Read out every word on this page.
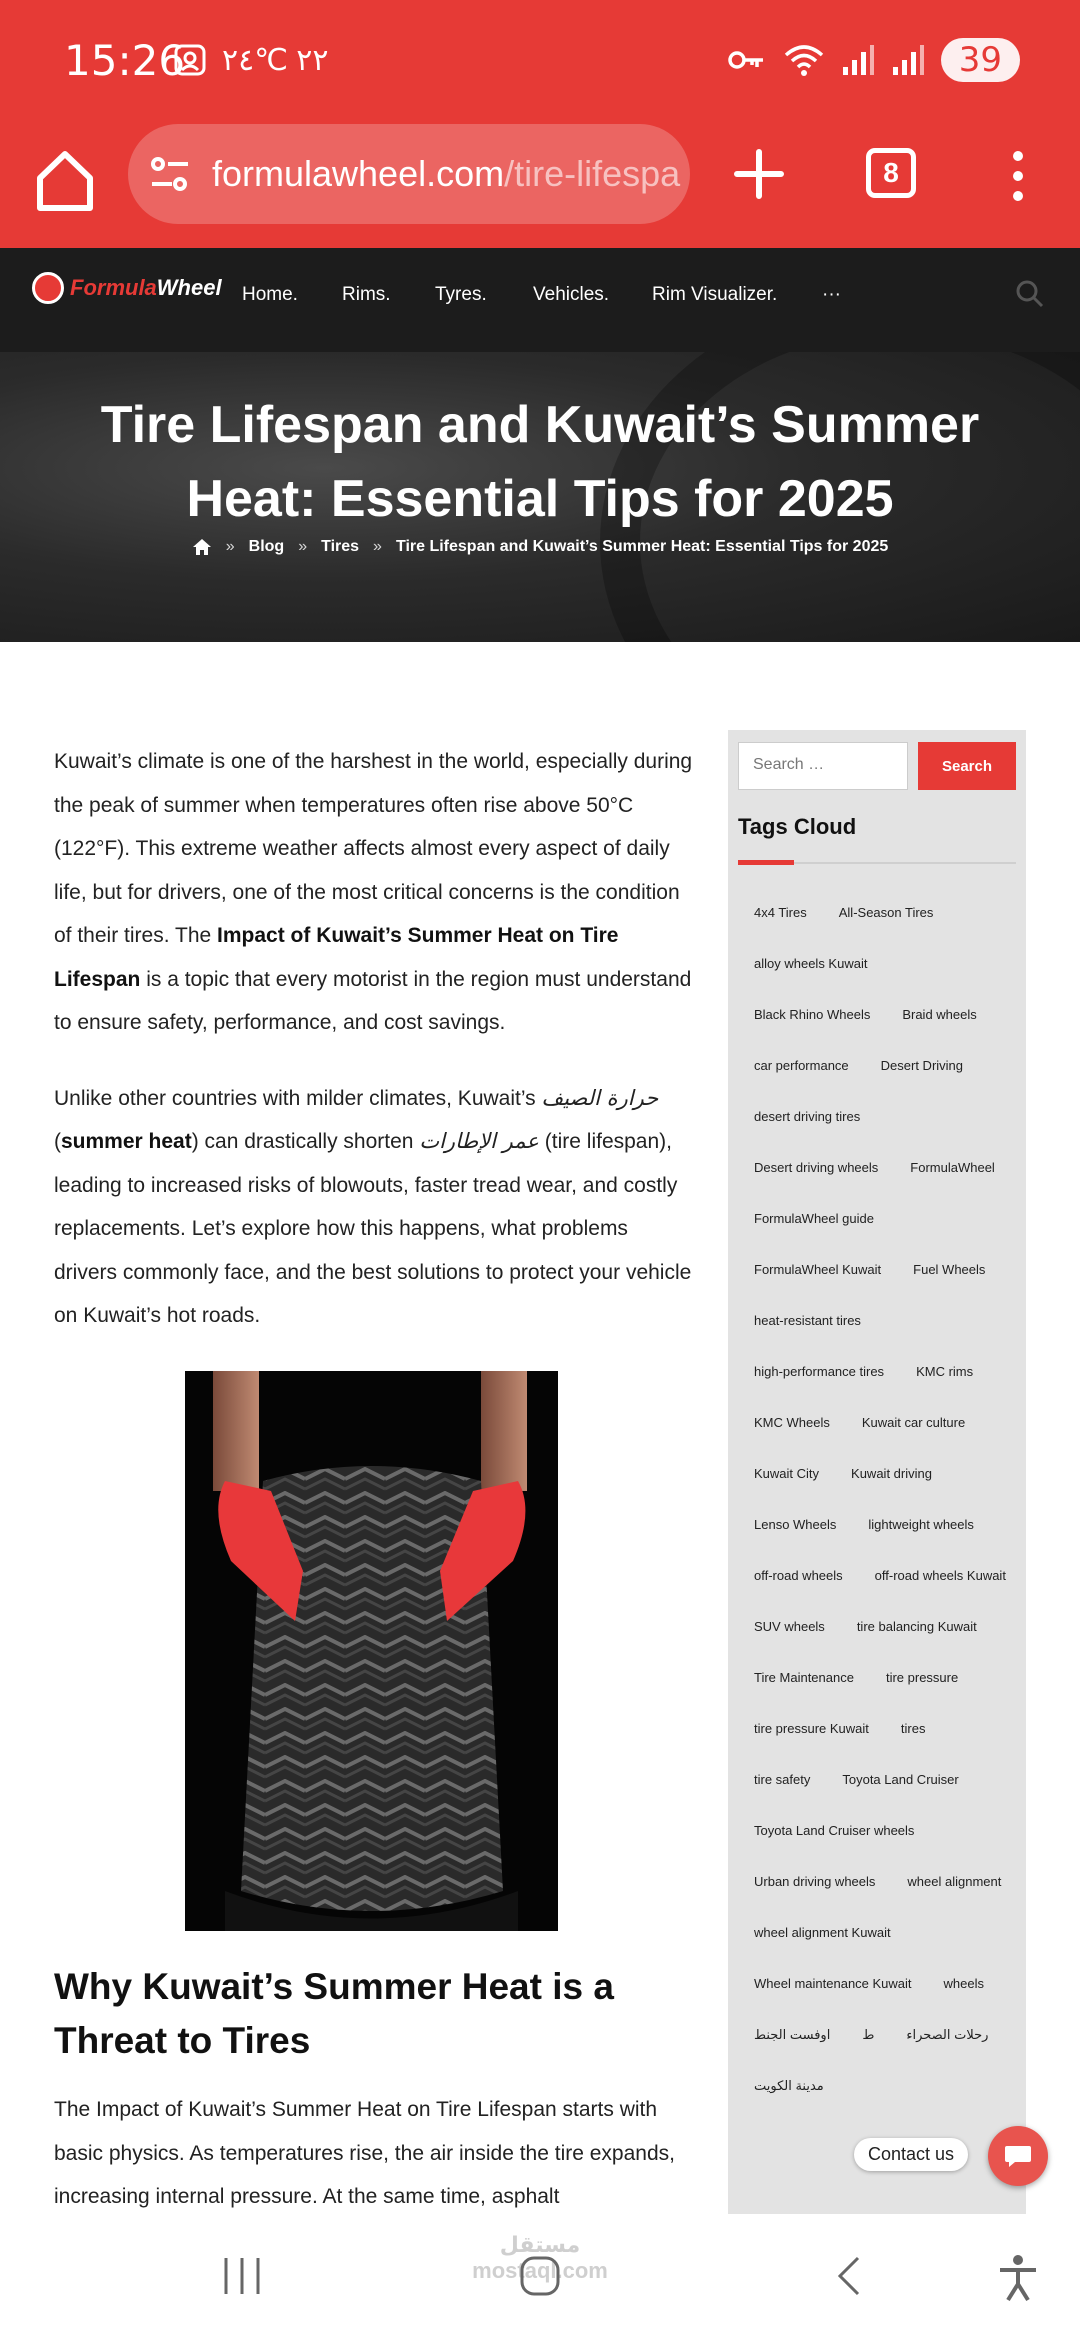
15:26 ٢٢ ℃٢٤	39
formulawheel.com/tire-lifespa	8
FormulaWheel Home. Rims. Tyres. Vehicles. Rim Visualizer. ···
Tire Lifespan and Kuwait’s Summer
Heat: Essential Tips for 2025
» Blog » Tires » Tire Lifespan and Kuwait’s Summer Heat: Essential Tips for 2025

Kuwait’s climate is one of the harshest in the world, especially during the peak of summer when temperatures often rise above 50°C (122°F). This extreme weather affects almost every aspect of daily life, but for drivers, one of the most critical concerns is the condition of their tires. The Impact of Kuwait’s Summer Heat on Tire Lifespan is a topic that every motorist in the region must understand to ensure safety, performance, and cost savings.

Unlike other countries with milder climates, Kuwait’s حرارة الصيف (summer heat) can drastically shorten عمر الإطارات (tire lifespan), leading to increased risks of blowouts, faster tread wear, and costly replacements. Let’s explore how this happens, what problems drivers commonly face, and the best solutions to protect your vehicle on Kuwait’s hot roads.

Why Kuwait’s Summer Heat is a Threat to Tires

The Impact of Kuwait’s Summer Heat on Tire Lifespan starts with basic physics. As temperatures rise, the air inside the tire expands, increasing internal pressure. At the same time, asphalt

Search …	Search
Tags Cloud
4x4 Tires	All-Season Tires
alloy wheels Kuwait
Black Rhino Wheels	Braid wheels
car performance	Desert Driving
desert driving tires
Desert driving wheels	FormulaWheel
FormulaWheel guide
FormulaWheel Kuwait	Fuel Wheels
heat-resistant tires
high-performance tires	KMC rims
KMC Wheels	Kuwait car culture
Kuwait City	Kuwait driving
Lenso Wheels	lightweight wheels
off-road wheels	off-road wheels Kuwait
SUV wheels	tire balancing Kuwait
Tire Maintenance	tire pressure
tire pressure Kuwait	tires
tire safety	Toyota Land Cruiser
Toyota Land Cruiser wheels
Urban driving wheels	wheel alignment
wheel alignment Kuwait
Wheel maintenance Kuwait	wheels
اوفست الجنط	ط	رحلات الصحراء
مدينة الكويت
Contact us
مستقل
mostaql.com
